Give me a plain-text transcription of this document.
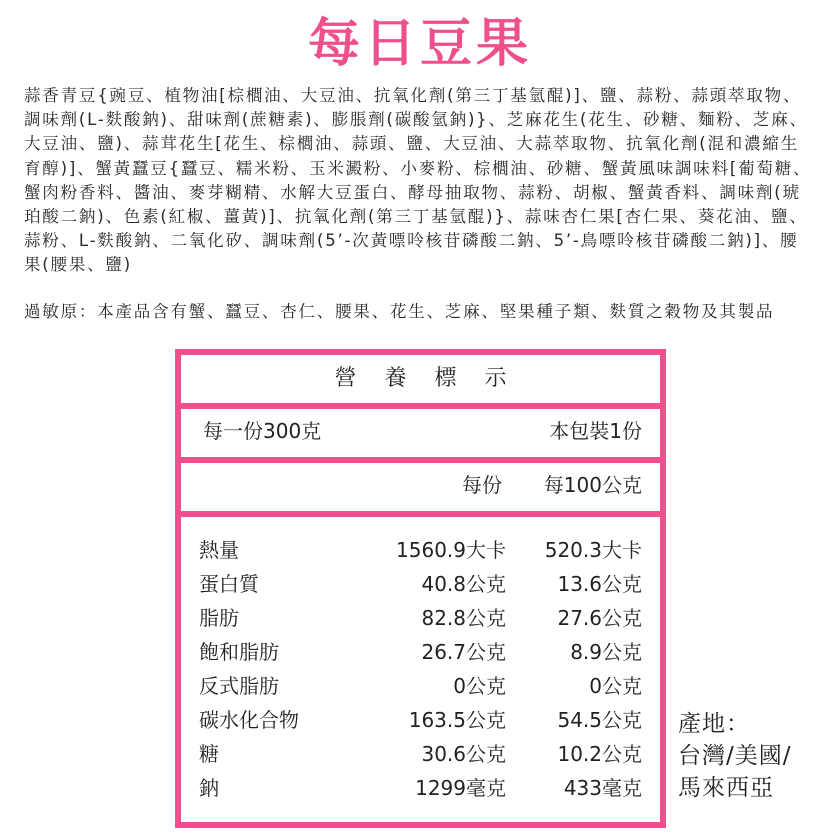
每日豆果
蒜香青豆{豌豆、植物油[棕櫚油、大豆油、抗氧化劑(第三丁基氫醌)]、鹽、蒜粉、蒜頭萃取物、調味劑(L-麩酸鈉)、甜味劑(蔗糖素)、膨脹劑(碳酸氫鈉)}、芝麻花生(花生、砂糖、麵粉、芝麻、大豆油、鹽)、蒜茸花生[花生、棕櫚油、蒜頭、鹽、大豆油、大蒜萃取物、抗氧化劑(混和濃縮生育醇)]、蟹黃蠶豆{蠶豆、糯米粉、玉米澱粉、小麥粉、棕櫚油、砂糖、蟹黃風味調味料[葡萄糖、蟹肉粉香料、醬油、麥芽糊精、水解大豆蛋白、酵母抽取物、蒜粉、胡椒、蟹黃香料、調味劑(琥珀酸二鈉)、色素(紅椒、薑黃)]、抗氧化劑(第三丁基氫醌)}、蒜味杏仁果[杏仁果、葵花油、鹽、蒜粉、L-麩酸鈉、二氧化矽、調味劑(5’-次黃嘌呤核苷磷酸二鈉、5’-鳥嘌呤核苷磷酸二鈉)]、腰果(腰果、鹽)
過敏原：本產品含有蟹、蠶豆、杏仁、腰果、花生、芝麻、堅果種子類、麩質之穀物及其製品
營養標示
每一份300克	本包裝1份
每份 每100公克
熱量	1560.9大卡 520.3大卡
蛋白質	40.8公克	13.6公克
脂肪	82.8公克	27.6公克
飽和脂肪	26.7公克	8.9公克
反式脂肪	0公克	0公克
碳水化合物	163.5公克	54.5公克
糖	30.6公克	10.2公克
鈉	1299毫克	433毫克
產地：
台灣/美國/
馬來西亞
